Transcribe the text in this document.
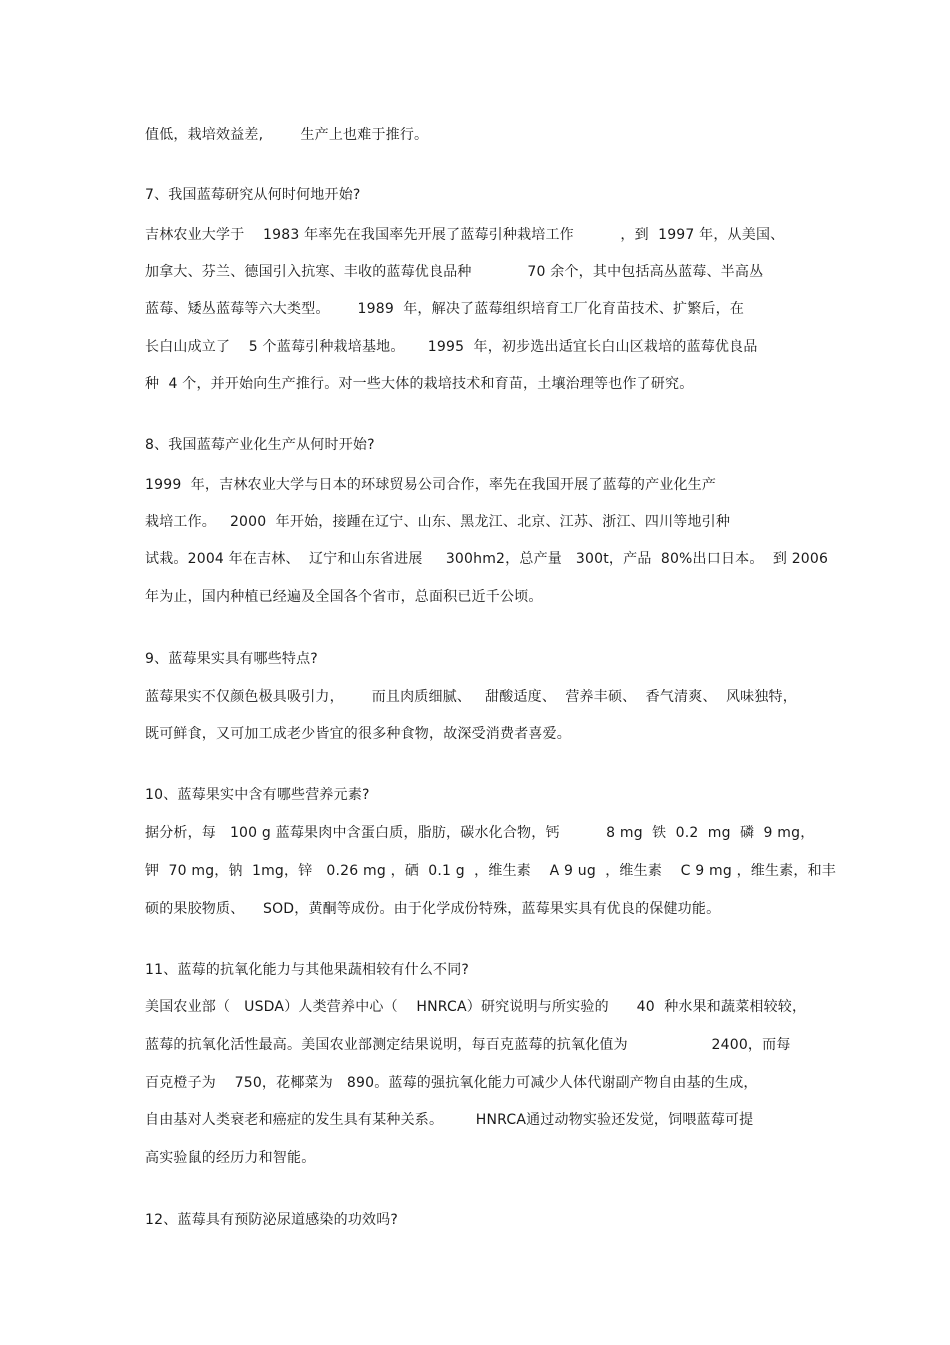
值低，栽培效益差,        生产上也难于推行。
7、我国蓝莓研究从何时何地开始?
吉林农业大学于    1983 年率先在我国率先开展了蓝莓引种栽培工作          ，到  1997 年，从美国、
加拿大、芬兰、德国引入抗寒、丰收的蓝莓优良品种            70 余个，其中包括高丛蓝莓、半高丛
蓝莓、矮丛蓝莓等六大类型。      1989  年，解决了蓝莓组织培育工厂化育苗技术、扩繁后，在
长白山成立了    5 个蓝莓引种栽培基地。     1995  年，初步选出适宜长白山区栽培的蓝莓优良品
种  4 个，并开始向生产推行。对一些大体的栽培技术和育苗，土壤治理等也作了研究。
8、我国蓝莓产业化生产从何时开始?
1999  年，吉林农业大学与日本的环球贸易公司合作，率先在我国开展了蓝莓的产业化生产
栽培工作。   2000  年开始，接踵在辽宁、山东、黑龙江、北京、江苏、浙江、四川等地引种
试栽。2004 年在吉林、  辽宁和山东省进展     300hm2，总产量   300t，产品  80%出口日本。  到 2006
年为止，国内种植已经遍及全国各个省市，总面积已近千公顷。
9、蓝莓果实具有哪些特点?
蓝莓果实不仅颜色极具吸引力，      而且肉质细腻、   甜酸适度、  营养丰硕、  香气清爽、  风味独特，
既可鲜食，又可加工成老少皆宜的很多种食物，故深受消费者喜爱。
10、蓝莓果实中含有哪些营养元素?
据分析，每   100 g 蓝莓果肉中含蛋白质，脂肪，碳水化合物，钙          8 mg  铁  0.2  mg  磷  9 mg，
钾  70 mg，钠  1mg，锌   0.26 mg ，硒  0.1 g  ，维生素    A 9 ug  ，维生素    C 9 mg ，维生素，和丰
硕的果胶物质、    SOD，黄酮等成份。由于化学成份特殊，蓝莓果实具有优良的保健功能。
11、蓝莓的抗氧化能力与其他果蔬相较有什么不同?
美国农业部（   USDA）人类营养中心（    HNRCA）研究说明与所实验的      40  种水果和蔬菜相较较，
蓝莓的抗氧化活性最高。美国农业部测定结果说明，每百克蓝莓的抗氧化值为                  2400，而每
百克橙子为    750，花椰菜为   890。蓝莓的强抗氧化能力可减少人体代谢副产物自由基的生成，
自由基对人类衰老和癌症的发生具有某种关系。       HNRCA通过动物实验还发觉，饲喂蓝莓可提
高实验鼠的经历力和智能。
12、蓝莓具有预防泌尿道感染的功效吗?
